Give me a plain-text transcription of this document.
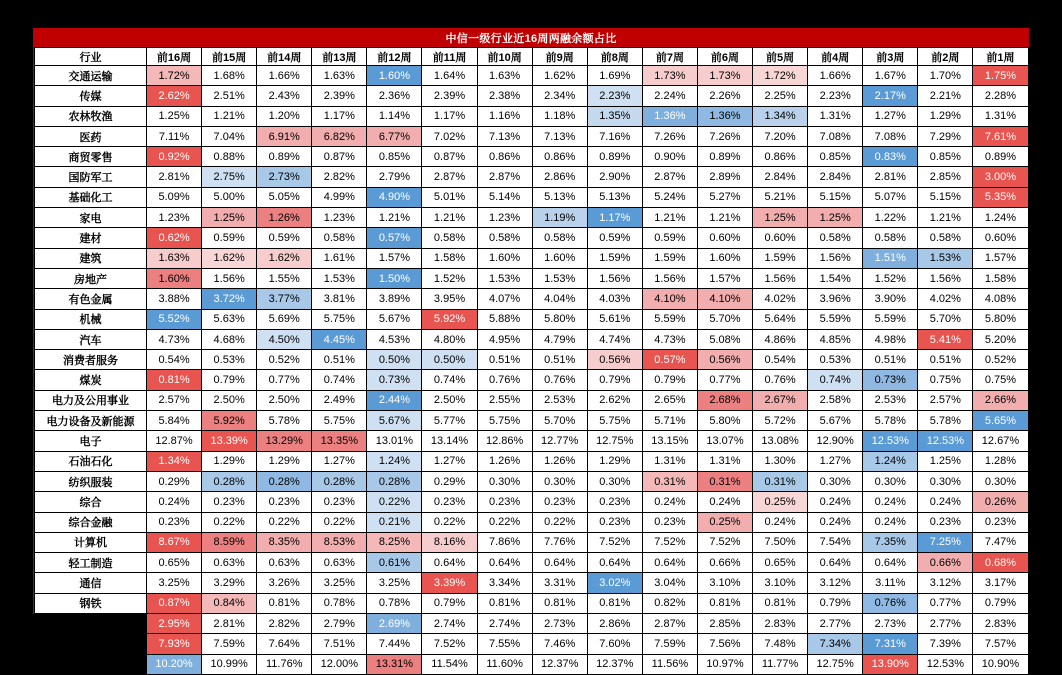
中信一级行业近16周两融余额占比
行业	前16周	前15周	前14周	前13周	前12周	前11周	前10周	前9周	前8周	前7周	前6周	前5周	前4周	前3周	前2周	前1周
交通运输	1.72%	1.68%	1.66%	1.63%	1.60%	1.64%	1.63%	1.62%	1.69%	1.73%	1.73%	1.72%	1.66%	1.67%	1.70%	1.75%
传媒	2.62%	2.51%	2.43%	2.39%	2.36%	2.39%	2.38%	2.34%	2.23%	2.24%	2.26%	2.25%	2.23%	2.17%	2.21%	2.28%
农林牧渔	1.25%	1.21%	1.20%	1.17%	1.14%	1.17%	1.16%	1.18%	1.35%	1.36%	1.36%	1.34%	1.31%	1.27%	1.29%	1.31%
医药	7.11%	7.04%	6.91%	6.82%	6.77%	7.02%	7.13%	7.13%	7.16%	7.26%	7.26%	7.20%	7.08%	7.08%	7.29%	7.61%
商贸零售	0.92%	0.88%	0.89%	0.87%	0.85%	0.87%	0.86%	0.86%	0.89%	0.90%	0.89%	0.86%	0.85%	0.83%	0.85%	0.89%
国防军工	2.81%	2.75%	2.73%	2.82%	2.79%	2.87%	2.87%	2.86%	2.90%	2.87%	2.89%	2.84%	2.84%	2.81%	2.85%	3.00%
基础化工	5.09%	5.00%	5.05%	4.99%	4.90%	5.01%	5.14%	5.13%	5.13%	5.24%	5.27%	5.21%	5.15%	5.07%	5.15%	5.35%
家电	1.23%	1.25%	1.26%	1.23%	1.21%	1.21%	1.23%	1.19%	1.17%	1.21%	1.21%	1.25%	1.25%	1.22%	1.21%	1.24%
建材	0.62%	0.59%	0.59%	0.58%	0.57%	0.58%	0.58%	0.58%	0.59%	0.59%	0.60%	0.60%	0.58%	0.58%	0.58%	0.60%
建筑	1.63%	1.62%	1.62%	1.61%	1.57%	1.58%	1.60%	1.60%	1.59%	1.59%	1.60%	1.59%	1.56%	1.51%	1.53%	1.57%
房地产	1.60%	1.56%	1.55%	1.53%	1.50%	1.52%	1.53%	1.53%	1.56%	1.56%	1.57%	1.56%	1.54%	1.52%	1.56%	1.58%
有色金属	3.88%	3.72%	3.77%	3.81%	3.89%	3.95%	4.07%	4.04%	4.03%	4.10%	4.10%	4.02%	3.96%	3.90%	4.02%	4.08%
机械	5.52%	5.63%	5.69%	5.75%	5.67%	5.92%	5.88%	5.80%	5.61%	5.59%	5.70%	5.64%	5.59%	5.59%	5.70%	5.80%
汽车	4.73%	4.68%	4.50%	4.45%	4.53%	4.80%	4.95%	4.79%	4.74%	4.73%	5.08%	4.86%	4.85%	4.98%	5.41%	5.20%
消费者服务	0.54%	0.53%	0.52%	0.51%	0.50%	0.50%	0.51%	0.51%	0.56%	0.57%	0.56%	0.54%	0.53%	0.51%	0.51%	0.52%
煤炭	0.81%	0.79%	0.77%	0.74%	0.73%	0.74%	0.76%	0.76%	0.79%	0.79%	0.77%	0.76%	0.74%	0.73%	0.75%	0.75%
电力及公用事业	2.57%	2.50%	2.50%	2.49%	2.44%	2.50%	2.55%	2.53%	2.62%	2.65%	2.68%	2.67%	2.58%	2.53%	2.57%	2.66%
电力设备及新能源	5.84%	5.92%	5.78%	5.75%	5.67%	5.77%	5.75%	5.70%	5.75%	5.71%	5.80%	5.72%	5.67%	5.78%	5.78%	5.65%
电子	12.87%	13.39%	13.29%	13.35%	13.01%	13.14%	12.86%	12.77%	12.75%	13.15%	13.07%	13.08%	12.90%	12.53%	12.53%	12.67%
石油石化	1.34%	1.29%	1.29%	1.27%	1.24%	1.27%	1.26%	1.26%	1.29%	1.31%	1.31%	1.30%	1.27%	1.24%	1.25%	1.28%
纺织服装	0.29%	0.28%	0.28%	0.28%	0.28%	0.29%	0.30%	0.30%	0.30%	0.31%	0.31%	0.31%	0.30%	0.30%	0.30%	0.30%
综合	0.24%	0.23%	0.23%	0.23%	0.22%	0.23%	0.23%	0.23%	0.23%	0.24%	0.24%	0.25%	0.24%	0.24%	0.24%	0.26%
综合金融	0.23%	0.22%	0.22%	0.22%	0.21%	0.22%	0.22%	0.22%	0.23%	0.23%	0.25%	0.24%	0.24%	0.24%	0.23%	0.23%
计算机	8.67%	8.59%	8.35%	8.53%	8.25%	8.16%	7.86%	7.76%	7.52%	7.52%	7.52%	7.50%	7.54%	7.35%	7.25%	7.47%
轻工制造	0.65%	0.63%	0.63%	0.63%	0.61%	0.64%	0.64%	0.64%	0.64%	0.64%	0.66%	0.65%	0.64%	0.64%	0.66%	0.68%
通信	3.25%	3.29%	3.26%	3.25%	3.25%	3.39%	3.34%	3.31%	3.02%	3.04%	3.10%	3.10%	3.12%	3.11%	3.12%	3.17%
钢铁	0.87%	0.84%	0.81%	0.78%	0.78%	0.79%	0.81%	0.81%	0.81%	0.82%	0.81%	0.81%	0.79%	0.76%	0.77%	0.79%
银行	2.95%	2.81%	2.82%	2.79%	2.69%	2.74%	2.74%	2.73%	2.86%	2.87%	2.85%	2.83%	2.77%	2.73%	2.77%	2.83%
非银行金融	7.93%	7.59%	7.64%	7.51%	7.44%	7.52%	7.55%	7.46%	7.60%	7.59%	7.56%	7.48%	7.34%	7.31%	7.39%	7.57%
食品饮料	10.20%	10.99%	11.76%	12.00%	13.31%	11.54%	11.60%	12.37%	12.37%	11.56%	10.97%	11.77%	12.75%	13.90%	12.53%	10.90%
